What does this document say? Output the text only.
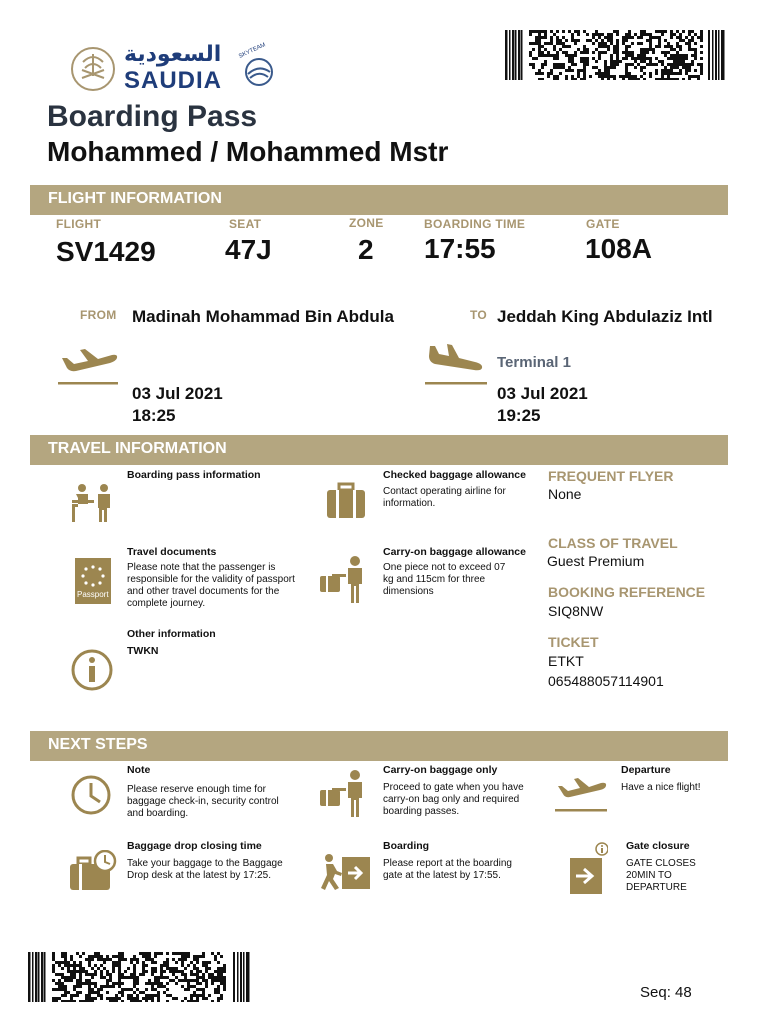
السعودية
SAUDIA
SKYTEAM
Boarding Pass
Mohammed / Mohammed Mstr
FLIGHT INFORMATION
FLIGHT
SV1429
SEAT
47J
ZONE
2
BOARDING TIME
17:55
GATE
108A
FROM Madinah Mohammad Bin Abdula	TO Jeddah King Abdulaziz Intl
Terminal 1
03 Jul 2021
18:25
03 Jul 2021
19:25
TRAVEL INFORMATION
Boarding pass information	Checked baggage allowance
Contact operating airline for information.
Passport
Travel documents
Please note that the passenger is responsible for the validity of passport and other travel documents for the complete journey.
Carry-on baggage allowance
One piece not to exceed 07 kg and 115cm for three dimensions
Other information
TWKN
FREQUENT FLYER
None
CLASS OF TRAVEL
Guest Premium
BOOKING REFERENCE
SIQ8NW
TICKET
ETKT
065488057114901
NEXT STEPS
Note
Please reserve enough time for baggage check-in, security control and boarding.
Carry-on baggage only
Proceed to gate when you have carry-on bag only and required boarding passes.
Departure
Have a nice flight!
Baggage drop closing time
Take your baggage to the Baggage Drop desk at the latest by 17:25.
Boarding
Please report at the boarding gate at the latest by 17:55.
Gate closure
GATE CLOSES 20MIN TO DEPARTURE
Seq: 48
